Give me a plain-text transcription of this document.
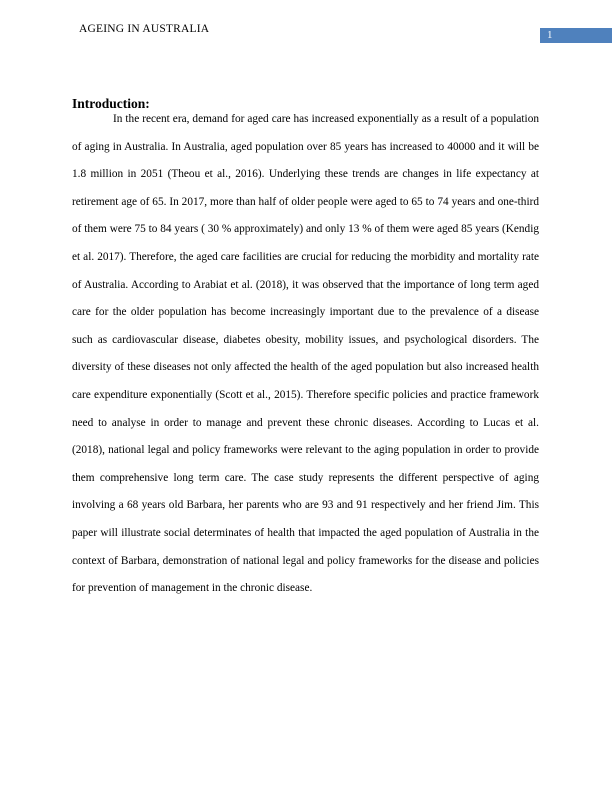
AGEING IN AUSTRALIA	1
Introduction:

In the recent era, demand for aged care has increased exponentially as a result of a population of aging in Australia. In Australia, aged population over 85 years has increased to 40000 and it will be 1.8 million in 2051 (Theou et al., 2016). Underlying these trends are changes in life expectancy at retirement age of 65. In 2017, more than half of older people were aged to 65 to 74 years and one-third of them were 75 to 84 years ( 30 % approximately) and only 13 % of them were aged 85 years (Kendig et al. 2017). Therefore, the aged care facilities are crucial for reducing the morbidity and mortality rate of Australia. According to Arabiat et al. (2018), it was observed that the importance of long term aged care for the older population has become increasingly important due to the prevalence of a disease such as cardiovascular disease, diabetes obesity, mobility issues, and psychological disorders. The diversity of these diseases not only affected the health of the aged population but also increased health care expenditure exponentially (Scott et al., 2015). Therefore specific policies and practice framework need to analyse in order to manage and prevent these chronic diseases. According to Lucas et al. (2018), national legal and policy frameworks were relevant to the aging population in order to provide them comprehensive long term care. The case study represents the different perspective of aging involving a 68 years old Barbara, her parents who are 93 and 91 respectively and her friend Jim. This paper will illustrate social determinates of health that impacted the aged population of Australia in the context of Barbara, demonstration of national legal and policy frameworks for the disease and policies for prevention of management in the chronic disease.
